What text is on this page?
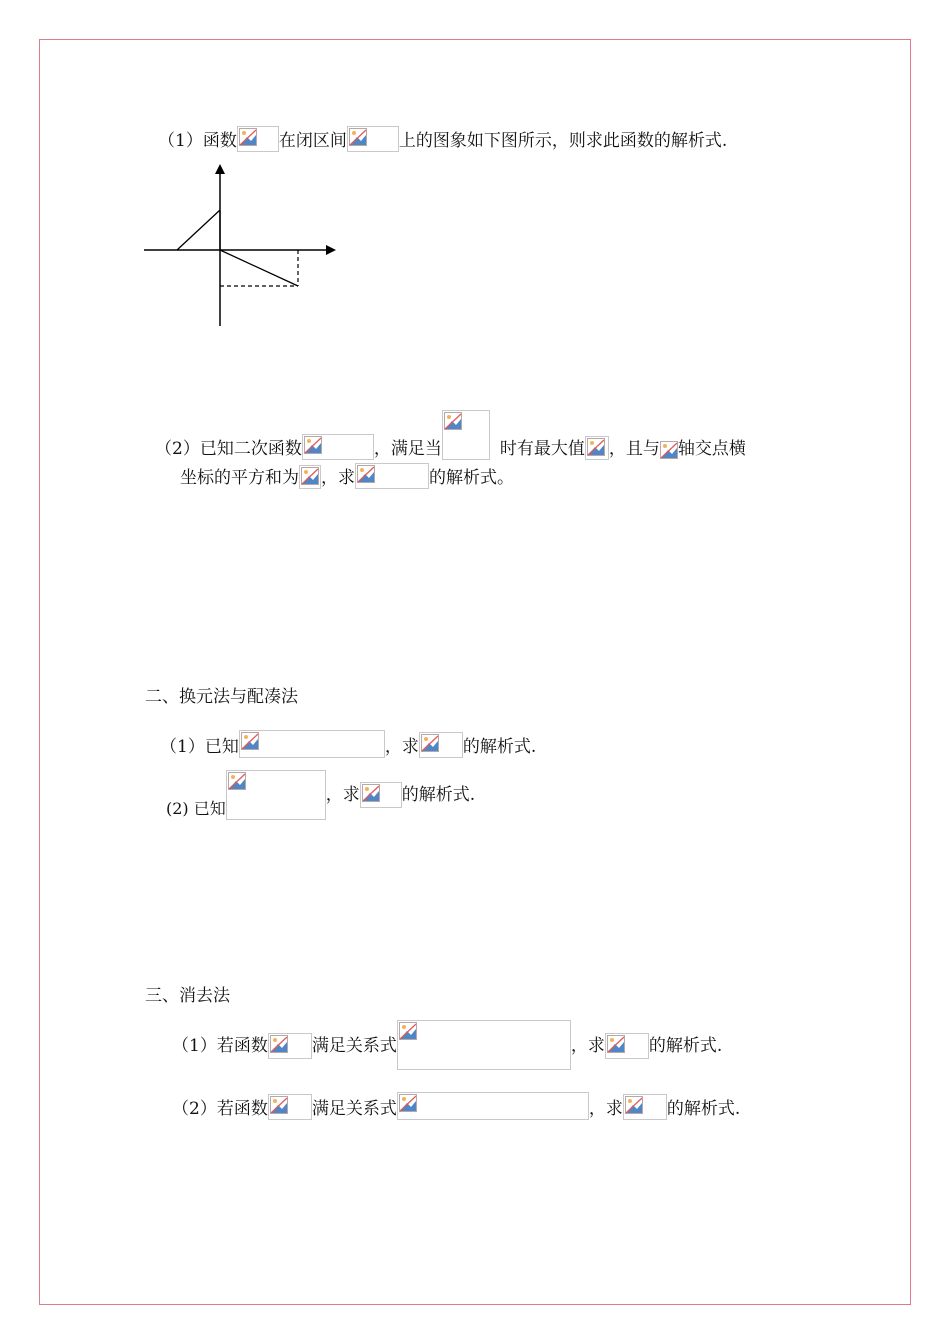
（1）函数 在闭区间	上的图象如下图所示，则求此函数的解析式.
（2）已知二次函数	，满足当	时有最大值 ，且与 轴交点横
坐标的平方和为 ，求	的解析式。
二、换元法与配凑法
（1）已知	，求	的解析式.
(2) 已知
，求 的解析式.
三、消去法
（1）若函数	满足关系式	，求	的解析式.
（2）若函数	满足关系式	，求	的解析式.
